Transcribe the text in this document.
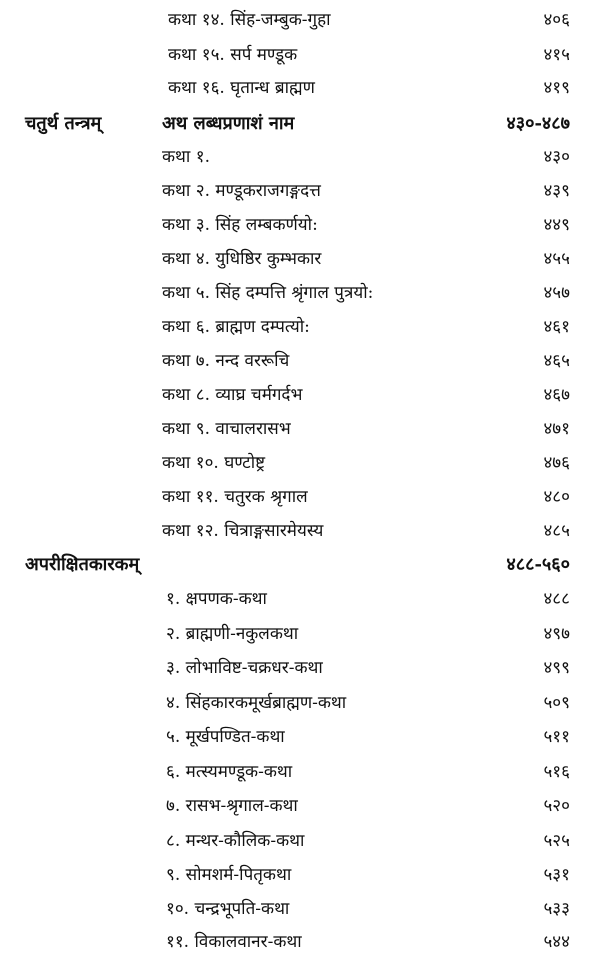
कथा १४. सिंह-जम्बुक-गुहा	४०६
कथा १५. सर्प मण्डूक	४१५
कथा १६. घृतान्ध ब्राह्मण	४१९
चतुर्थ तन्त्रम्	अथ लब्धप्रणाशं नाम	४३०-४८७
कथा १.	४३०
कथा २. मण्डूकराजगङ्गदत्त	४३९
कथा ३. सिंह लम्बकर्णयो:	४४९
कथा ४. युधिष्ठिर कुम्भकार	४५५
कथा ५. सिंह दम्पत्ति श्रृंगाल पुत्रयो:	४५७
कथा ६. ब्राह्मण दम्पत्यो:	४६१
कथा ७. नन्द वररूचि	४६५
कथा ८. व्याघ्र चर्मगर्दभ	४६७
कथा ९. वाचालरासभ	४७१
कथा १०. घण्टोष्ट्र	४७६
कथा ११. चतुरक श्रृगाल	४८०
कथा १२. चित्राङ्गसारमेयस्य	४८५
अपरीक्षितकारकम्	४८८-५६०
१. क्षपणक-कथा	४८८
२. ब्राह्मणी-नकुलकथा	४९७
३. लोभाविष्ट-चक्रधर-कथा	४९९
४. सिंहकारकमूर्खब्राह्मण-कथा	५०९
५. मूर्खपण्डित-कथा	५११
६. मत्स्यमण्डूक-कथा	५१६
७. रासभ-श्रृगाल-कथा	५२०
८. मन्थर-कौलिक-कथा	५२५
९. सोमशर्म-पितृकथा	५३१
१०. चन्द्रभूपति-कथा	५३३
११. विकालवानर-कथा	५४४
